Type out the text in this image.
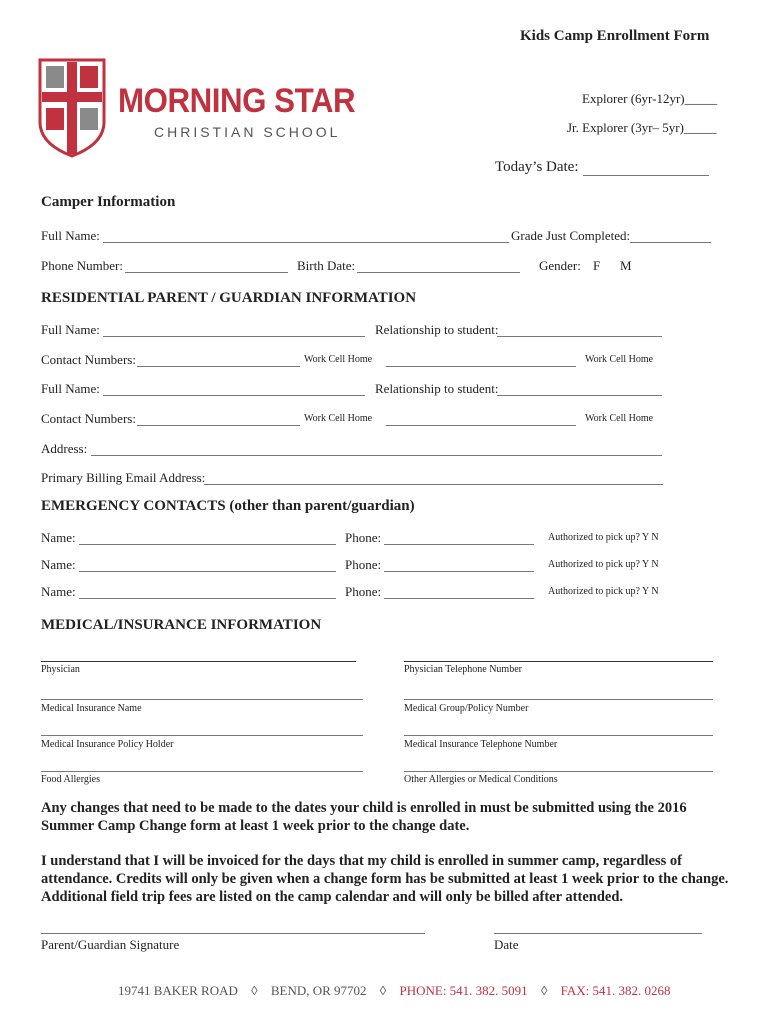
Kids Camp Enrollment Form
MORNING STAR
CHRISTIAN SCHOOL
Explorer (6yr-12yr)_____
Jr. Explorer (3yr– 5yr)_____
Today’s Date:
Camper Information
Full Name:	Grade Just Completed:
Phone Number:	Birth Date:	Gender: F M
RESIDENTIAL PARENT / GUARDIAN INFORMATION
Full Name:	Relationship to student:
Contact Numbers:	Work Cell Home	Work Cell Home
Full Name:	Relationship to student:
Contact Numbers:	Work Cell Home	Work Cell Home
Address:
Primary Billing Email Address:
EMERGENCY CONTACTS (other than parent/guardian)
Name:	Phone:	Authorized to pick up? Y N
Name:	Phone:	Authorized to pick up? Y N
Name:	Phone:	Authorized to pick up? Y N
MEDICAL/INSURANCE INFORMATION
Physician	Physician Telephone Number
Medical Insurance Name	Medical Group/Policy Number
Medical Insurance Policy Holder	Medical Insurance Telephone Number
Food Allergies	Other Allergies or Medical Conditions
Any changes that need to be made to the dates your child is enrolled in must be submitted using the 2016 Summer Camp Change form at least 1 week prior to the change date.
I understand that I will be invoiced for the days that my child is enrolled in summer camp, regardless of attendance. Credits will only be given when a change form has be submitted at least 1 week prior to the change. Additional field trip fees are listed on the camp calendar and will only be billed after attended.
Parent/Guardian Signature	Date
19741 BAKER ROAD ◊ BEND, OR 97702 ◊ PHONE: 541. 382. 5091 ◊ FAX: 541. 382. 0268
